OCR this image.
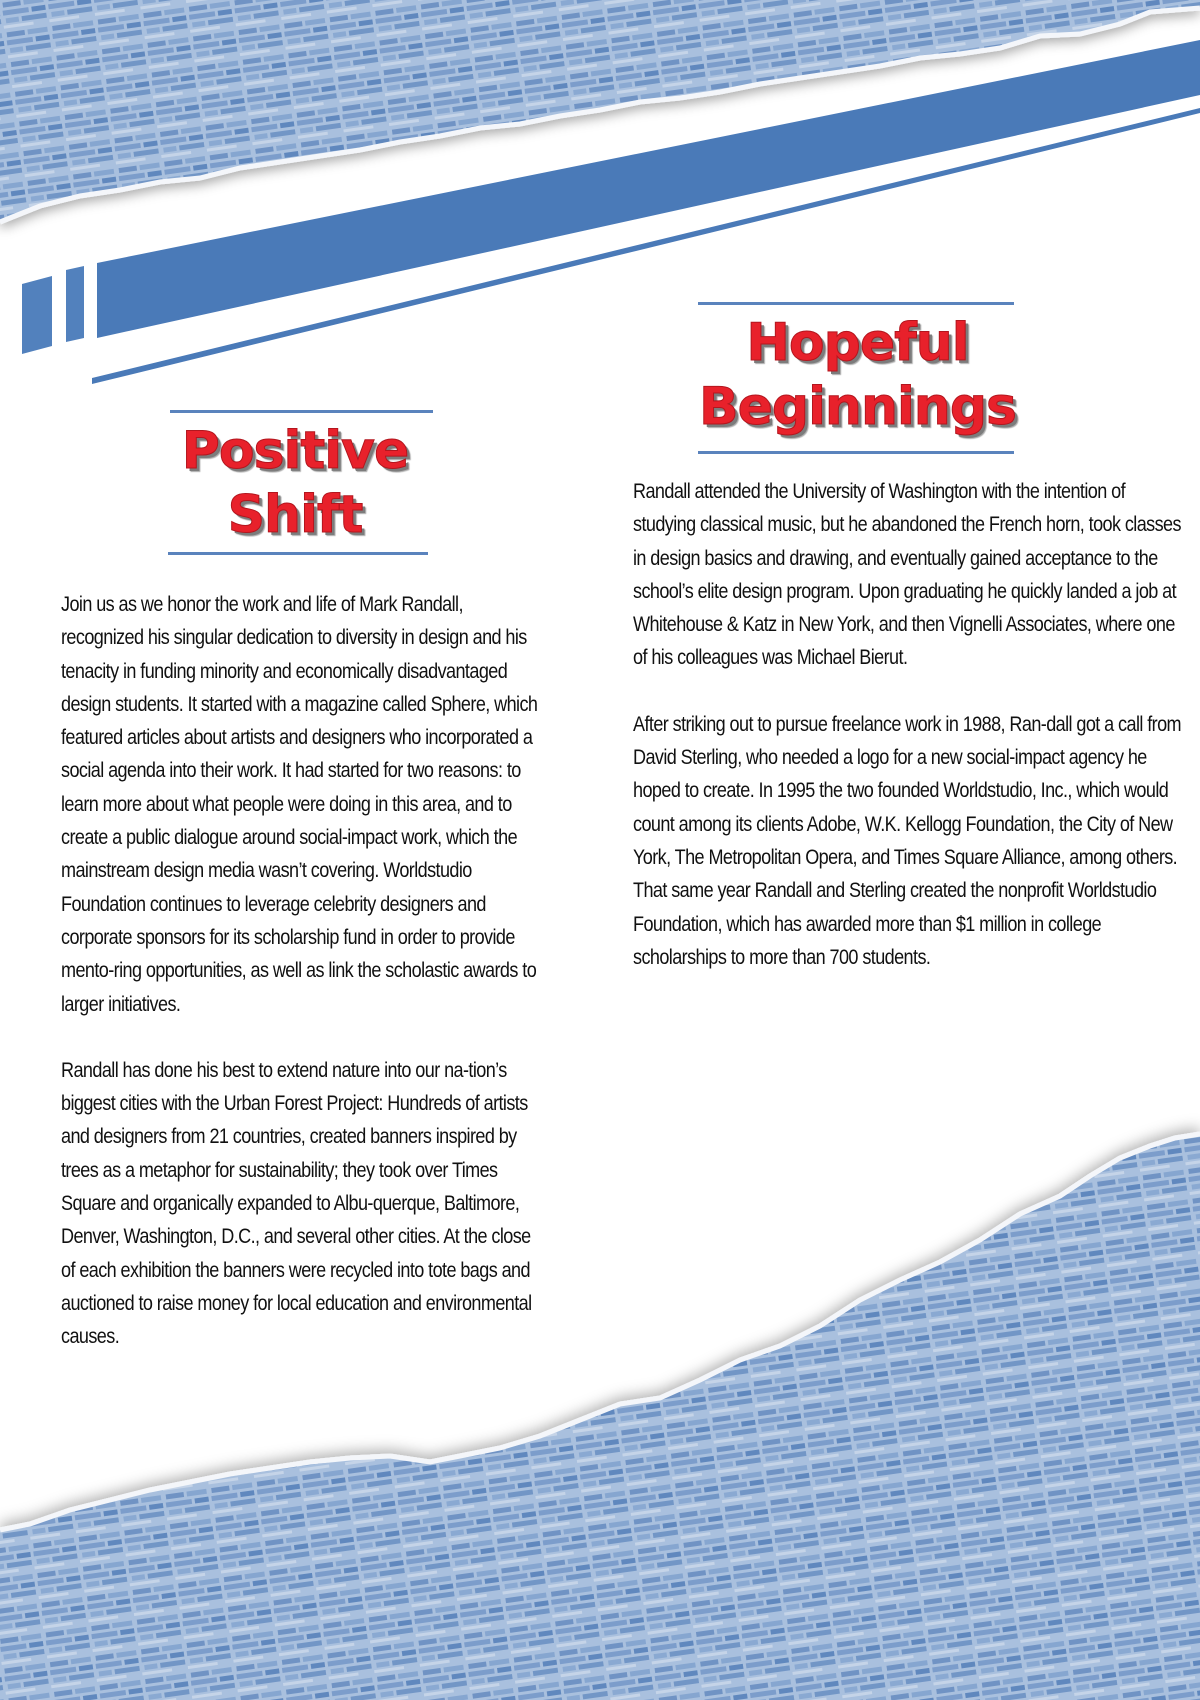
Positive
Shift

Join us as we honor the work and life of Mark Randall, recognized his singular dedication to diversity in design and his tenacity in funding minority and economically disadvantaged design students. It started with a magazine called Sphere, which featured articles about artists and designers who incorporated a social agenda into their work. It had started for two reasons: to learn more about what people were doing in this area, and to create a public dialogue around social-impact work, which the mainstream design media wasn’t covering. Worldstudio Foundation continues to leverage celebrity designers and corporate sponsors for its scholarship fund in order to provide mento-ring opportunities, as well as link the scholastic awards to larger initiatives.

Randall has done his best to extend nature into our na-tion’s biggest cities with the Urban Forest Project: Hundreds of artists and designers from 21 countries, created banners inspired by trees as a metaphor for sustainability; they took over Times Square and organically expanded to Albu-querque, Baltimore, Denver, Washington, D.C., and several other cities. At the close of each exhibition the banners were recycled into tote bags and auctioned to raise money for local education and environmental causes.

Hopeful
Beginnings

Randall attended the University of Washington with the intention of studying classical music, but he abandoned the French horn, took classes in design basics and drawing, and eventually gained acceptance to the school’s elite design program. Upon graduating he quickly landed a job at Whitehouse & Katz in New York, and then Vignelli Associates, where one of his colleagues was Michael Bierut.

After striking out to pursue freelance work in 1988, Ran-dall got a call from David Sterling, who needed a logo for a new social-impact agency he hoped to create. In 1995 the two founded Worldstudio, Inc., which would count among its clients Adobe, W.K. Kellogg Foundation, the City of New York, The Metropolitan Opera, and Times Square Alliance, among others. That same year Randall and Sterling created the nonprofit Worldstudio Foundation, which has awarded more than $1 million in college scholarships to more than 700 students.
